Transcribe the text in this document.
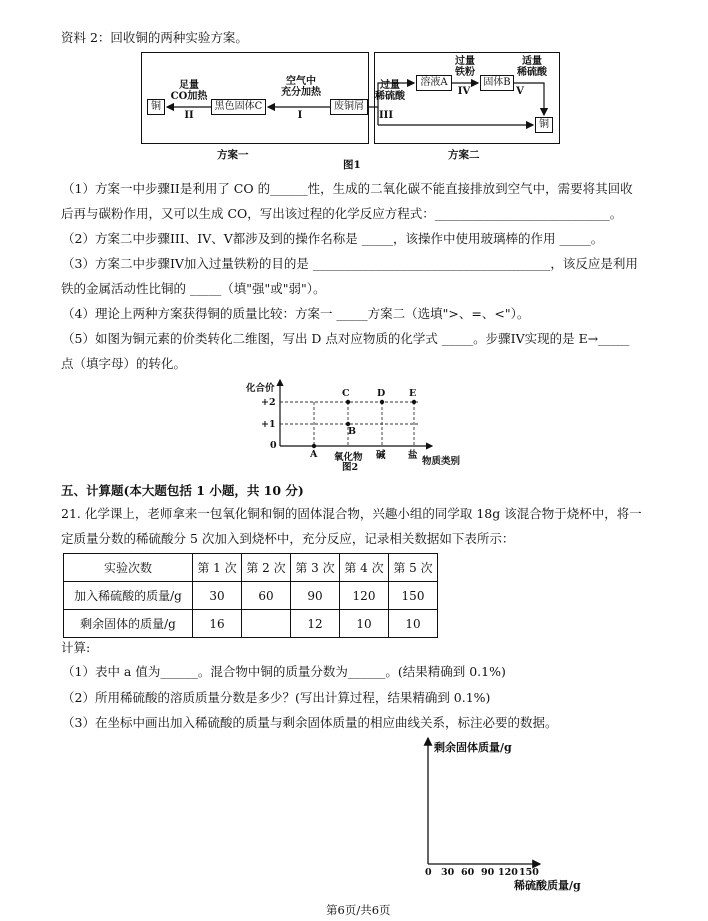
资料 2：回收铜的两种实验方案。
铜	黑色固体C	废铜屑
溶液A	固体B
铜
空气中
充分加热
I
足量
CO加热
II
过量
稀硫酸
III
过量
铁粉
IV
适量
稀硫酸
V
方案一	方案二
图1
（1）方案一中步骤II是利用了 CO 的______性，生成的二氧化碳不能直接排放到空气中，需要将其回收
后再与碳粉作用，又可以生成 CO，写出该过程的化学反应方程式：____________________________。
（2）方案二中步骤III、IV、V都涉及到的操作名称是 _____，该操作中使用玻璃棒的作用 _____。
（3）方案二中步骤IV加入过量铁粉的目的是 ______________________________________，该反应是利用
铁的金属活动性比铜的 _____（填"强"或"弱"）。
（4）理论上两种方案获得铜的质量比较：方案一 _____方案二（选填">、=、<"）。
（5）如图为铜元素的价类转化二维图，写出 D 点对应物质的化学式 _____。步骤IV实现的是 E→_____
点（填字母）的转化。
化合价
+2
+1
0
A 氧化物 碱 盐
物质类别
图2
C	D	E
B
五、计算题(本大题包括 1 小题，共 10 分)
21. 化学课上，老师拿来一包氧化铜和铜的固体混合物，兴趣小组的同学取 18g 该混合物于烧杯中，将一
定质量分数的稀硫酸分 5 次加入到烧杯中，充分反应，记录相关数据如下表所示：
实验次数	第 1 次	第 2 次	第 3 次	第 4 次	第 5 次
加入稀硫酸的质量/g	30	60	90	120	150
剩余固体的质量/g	16		12	10	10
计算:
（1）表中 a 值为______。混合物中铜的质量分数为______。(结果精确到 0.1%)
（2）所用稀硫酸的溶质质量分数是多少？(写出计算过程，结果精确到 0.1%)
（3）在坐标中画出加入稀硫酸的质量与剩余固体质量的相应曲线关系，标注必要的数据。
剩余固体质量/g
0 30 60 90 120 150
稀硫酸质量/g
第6页/共6页
